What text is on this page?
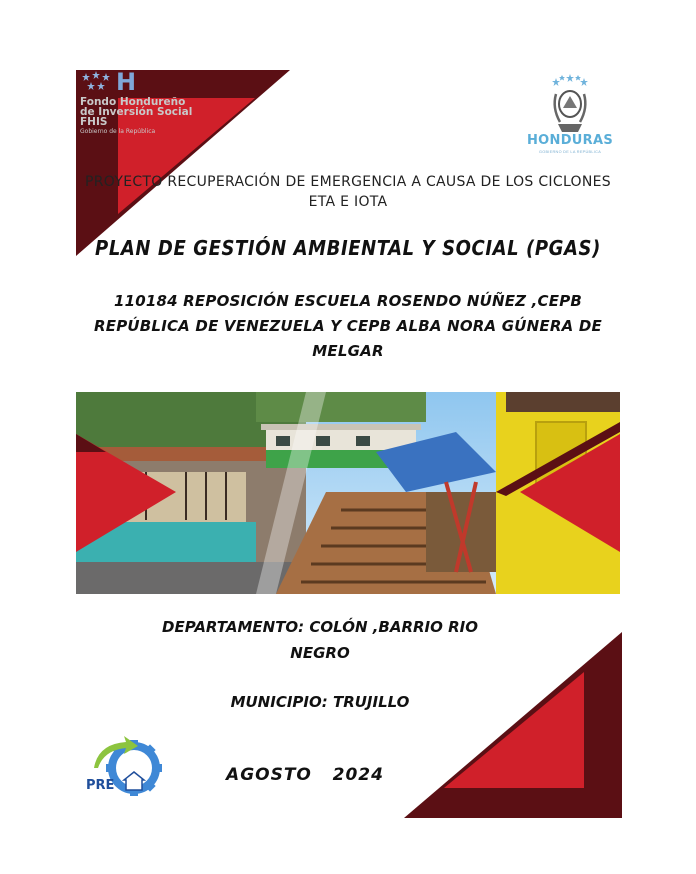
H
Fondo Hondureño
de Inversión Social
FHIS
Gobierno de la República
HONDURAS
GOBIERNO DE LA REPÚBLICA
PROYECTO RECUPERACIÓN DE EMERGENCIA A CAUSA DE LOS CICLONES ETA E IOTA
PLAN DE GESTIÓN AMBIENTAL Y SOCIAL (PGAS)
110184 REPOSICIÓN ESCUELA ROSENDO NÚÑEZ ,CEPB REPÚBLICA DE VENEZUELA Y CEPB ALBA NORA GÚNERA DE MELGAR
DEPARTAMENTO: COLÓN ,BARRIO RIO NEGRO
MUNICIPIO: TRUJILLO
AGOSTO   2024
PRE
